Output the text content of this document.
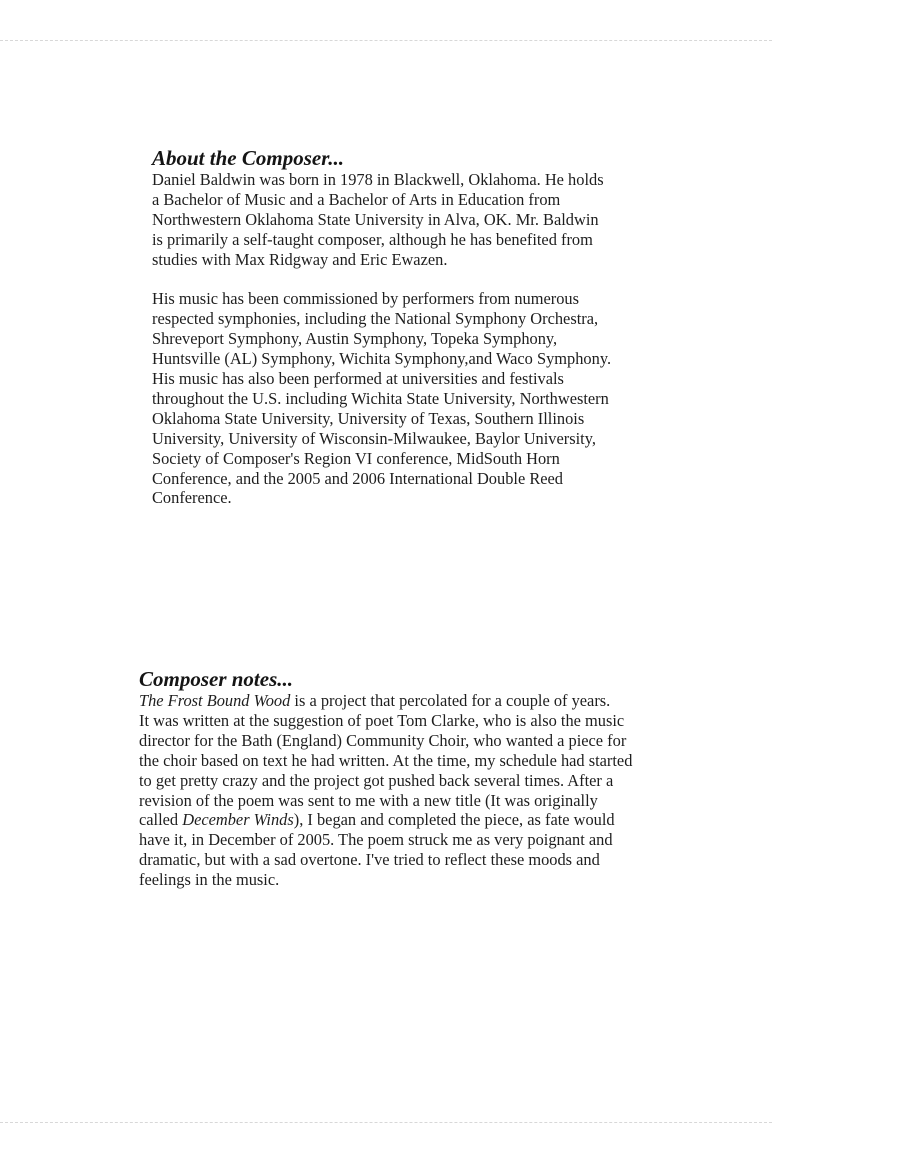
About the Composer...

Daniel Baldwin was born in 1978 in Blackwell, Oklahoma. He holds
a Bachelor of Music and a Bachelor of Arts in Education from
Northwestern Oklahoma State University in Alva, OK. Mr. Baldwin
is primarily a self-taught composer, although he has benefited from
studies with Max Ridgway and Eric Ewazen.

His music has been commissioned by performers from numerous
respected symphonies, including the National Symphony Orchestra,
Shreveport Symphony, Austin Symphony, Topeka Symphony,
Huntsville (AL) Symphony, Wichita Symphony,and Waco Symphony.
His music has also been performed at universities and festivals
throughout the U.S. including Wichita State University, Northwestern
Oklahoma State University, University of Texas, Southern Illinois
University, University of Wisconsin-Milwaukee, Baylor University,
Society of Composer's Region VI conference, MidSouth Horn
Conference, and the 2005 and 2006 International Double Reed
Conference.

Composer notes...

The Frost Bound Wood is a project that percolated for a couple of years.
It was written at the suggestion of poet Tom Clarke, who is also the music
director for the Bath (England) Community Choir, who wanted a piece for
the choir based on text he had written. At the time, my schedule had started
to get pretty crazy and the project got pushed back several times. After a
revision of the poem was sent to me with a new title (It was originally
called December Winds), I began and completed the piece, as fate would
have it, in December of 2005. The poem struck me as very poignant and
dramatic, but with a sad overtone. I've tried to reflect these moods and
feelings in the music.
